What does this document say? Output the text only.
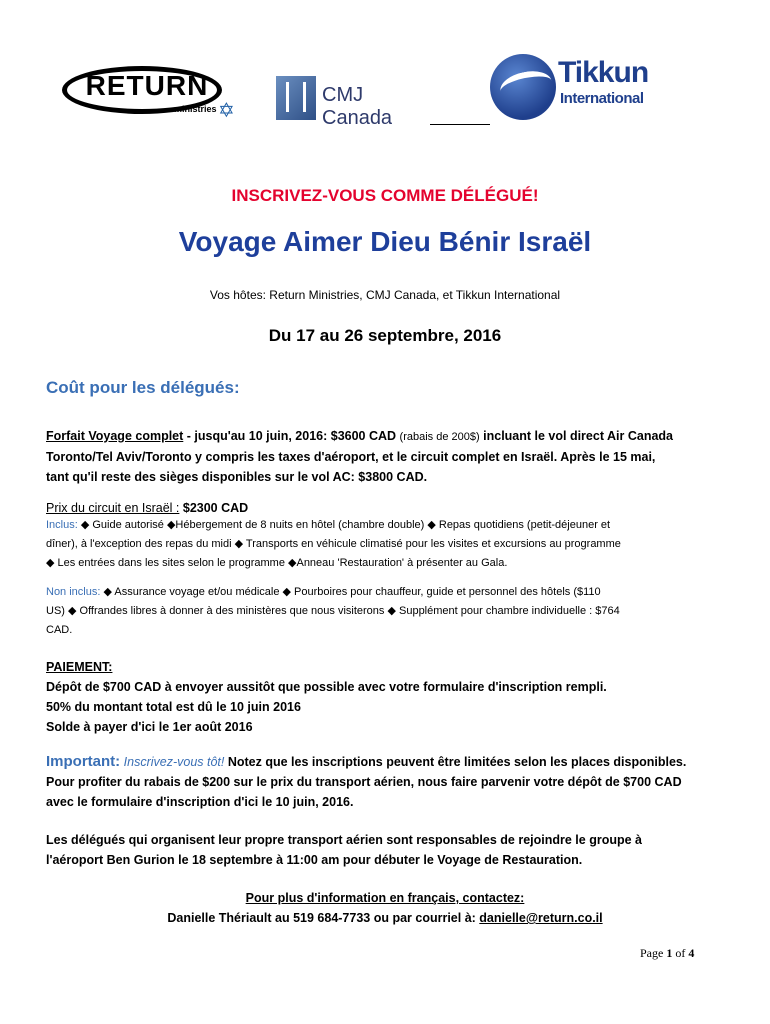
RETURN
ministries ✡
CMJ Canada
Tikkun
International
INSCRIVEZ-VOUS COMME DÉLÉGUÉ!
Voyage Aimer Dieu Bénir Israël
Vos hôtes: Return Ministries, CMJ Canada, et Tikkun International
Du 17 au 26 septembre, 2016
Coût pour les délégués:
Forfait Voyage complet - jusqu'au 10 juin, 2016: $3600 CAD (rabais de 200$) incluant le vol direct Air Canada
Toronto/Tel Aviv/Toronto y compris les taxes d'aéroport, et le circuit complet en Israël. Après le 15 mai,
tant qu'il reste des sièges disponibles sur le vol AC: $3800 CAD.
Prix du circuit en Israël : $2300 CAD
Inclus: ◆ Guide autorisé ◆Hébergement de 8 nuits en hôtel (chambre double) ◆ Repas quotidiens (petit-déjeuner et
dîner), à l'exception des repas du midi ◆ Transports en véhicule climatisé pour les visites et excursions au programme
◆ Les entrées dans les sites selon le programme ◆Anneau 'Restauration' à présenter au Gala.
Non inclus: ◆ Assurance voyage et/ou médicale ◆ Pourboires pour chauffeur, guide et personnel des hôtels ($110
US) ◆ Offrandes libres à donner à des ministères que nous visiterons ◆ Supplément pour chambre individuelle : $764
CAD.
PAIEMENT:
Dépôt de $700 CAD à envoyer aussitôt que possible avec votre formulaire d'inscription rempli.
50% du montant total est dû le 10 juin 2016
Solde à payer d'ici le 1er août 2016
Important: Inscrivez-vous tôt! Notez que les inscriptions peuvent être limitées selon les places disponibles.
Pour profiter du rabais de $200 sur le prix du transport aérien, nous faire parvenir votre dépôt de $700 CAD
avec le formulaire d'inscription d'ici le 10 juin, 2016.
Les délégués qui organisent leur propre transport aérien sont responsables de rejoindre le groupe à
l'aéroport Ben Gurion le 18 septembre à 11:00 am pour débuter le Voyage de Restauration.
Pour plus d'information en français, contactez:
Danielle Thériault au 519 684-7733 ou par courriel à: danielle@return.co.il
Page 1 of 4
